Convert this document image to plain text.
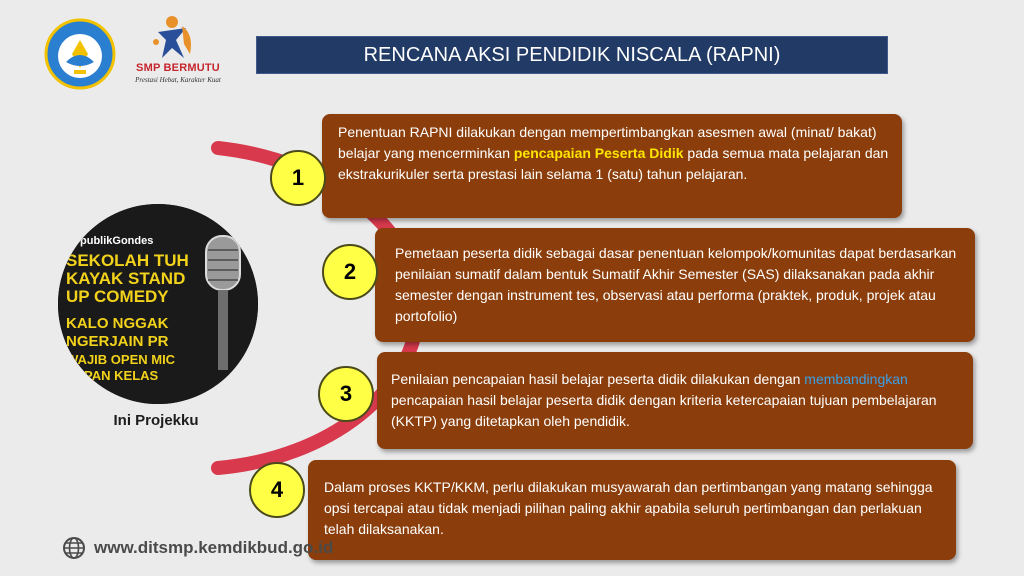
SMP BERMUTU
Prestasi Hebat, Karakter Kuat
RENCANA AKSI PENDIDIK NISCALA (RAPNI)
publikGondes
SEKOLAH TUH
KAYAK STAND
UP COMEDY
KALO NGGAK
NGERJAIN PR
WAJIB OPEN MIC
DEPAN KELAS
Ini Projekku
Penentuan RAPNI dilakukan dengan mempertimbangkan asesmen awal (minat/ bakat) belajar yang mencerminkan pencapaian Peserta Didik pada semua mata pelajaran dan ekstrakurikuler serta prestasi lain selama 1 (satu) tahun pelajaran.
Pemetaan peserta didik sebagai dasar penentuan kelompok/komunitas dapat berdasarkan penilaian sumatif dalam bentuk Sumatif Akhir Semester (SAS) dilaksanakan pada akhir semester dengan instrument tes, observasi atau performa (praktek, produk, projek atau portofolio)
Penilaian pencapaian hasil belajar peserta didik dilakukan dengan membandingkan pencapaian hasil belajar peserta didik dengan kriteria ketercapaian tujuan pembelajaran (KKTP) yang ditetapkan oleh pendidik.
Dalam proses KKTP/KKM, perlu dilakukan musyawarah dan pertimbangan yang matang sehingga opsi tercapai atau tidak menjadi pilihan paling akhir apabila seluruh pertimbangan dan perlakuan telah dilaksanakan.
1
2
3
4
www.ditsmp.kemdikbud.go.id
